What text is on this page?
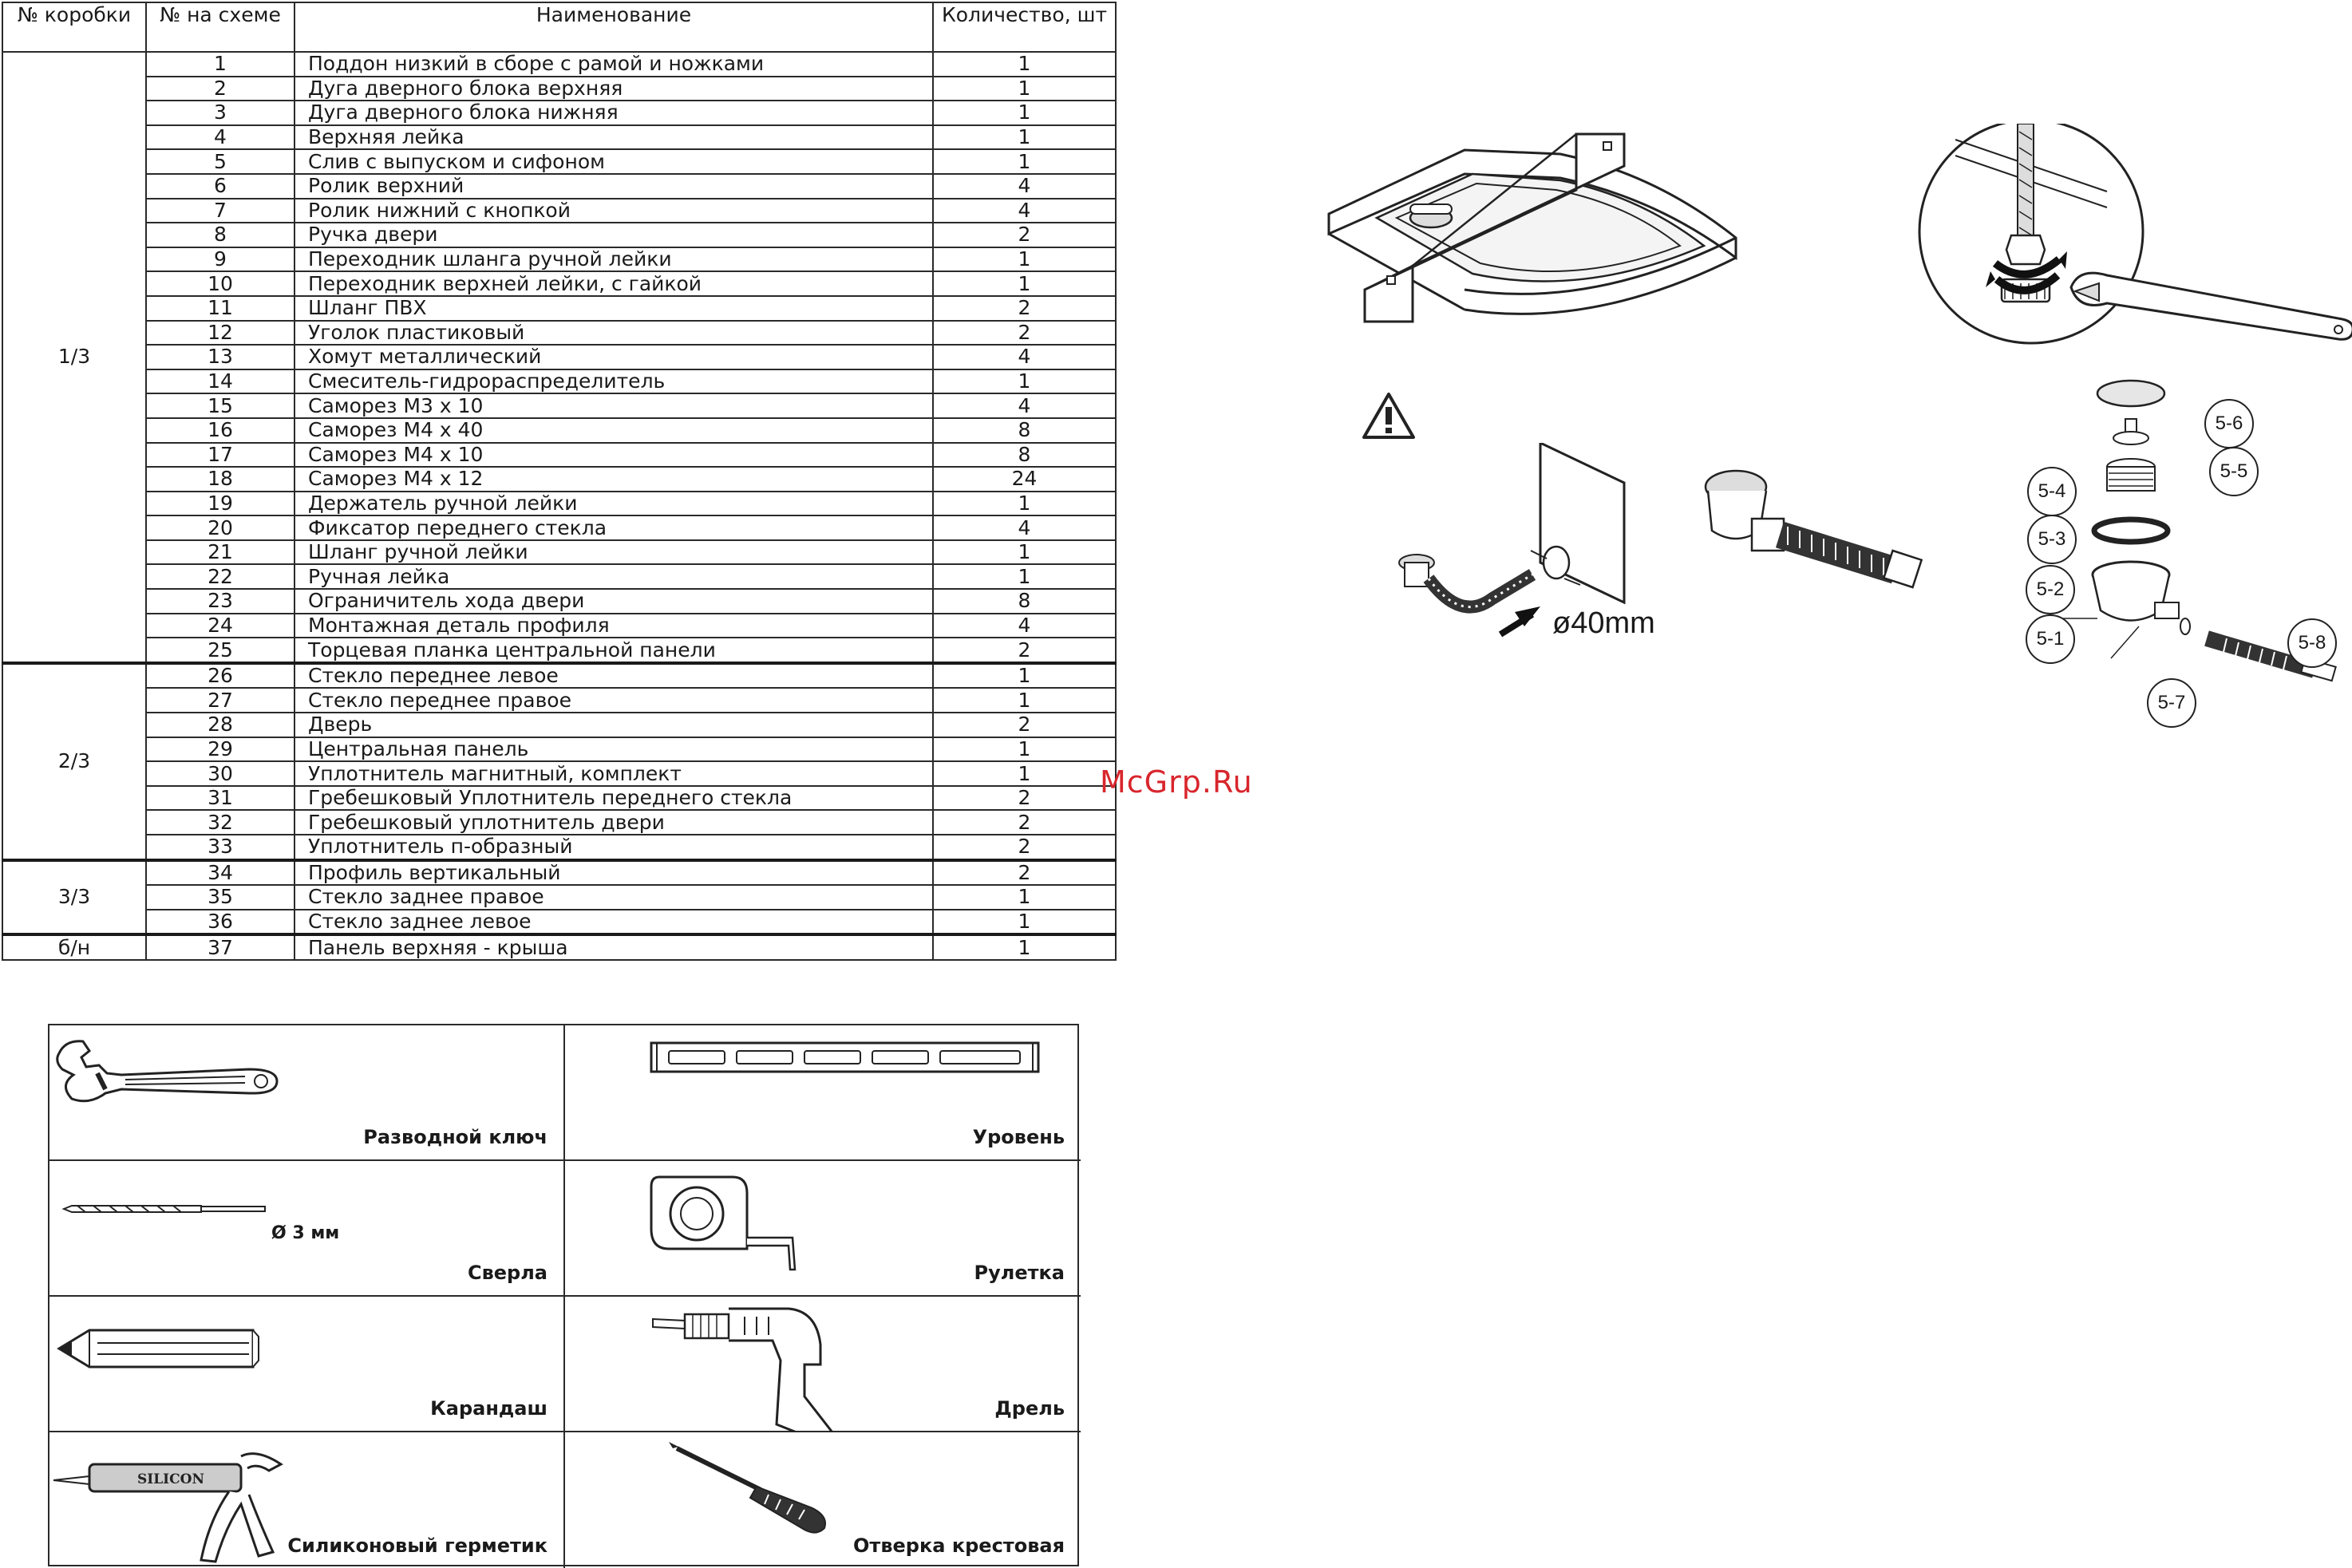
№ коробки	№ на схеме	Наименование	Количество, шт
1/3	1	Поддон низкий в сборе с рамой и ножками	1
	2	Дуга дверного блока верхняя	1
	3	Дуга дверного блока нижняя	1
	4	Верхняя лейка	1
	5	Слив с выпуском и сифоном	1
	6	Ролик верхний	4
	7	Ролик нижний с кнопкой	4
	8	Ручка двери	2
	9	Переходник шланга ручной лейки	1
	10	Переходник верхней лейки, с гайкой	1
	11	Шланг ПВХ	2
	12	Уголок пластиковый	2
	13	Хомут металлический	4
	14	Смеситель-гидрораспределитель	1
	15	Саморез М3 х 10	4
	16	Саморез М4 х 40	8
	17	Саморез М4 х 10	8
	18	Саморез М4 х 12	24
	19	Держатель ручной лейки	1
	20	Фиксатор переднего стекла	4
	21	Шланг ручной лейки	1
	22	Ручная лейка	1
	23	Ограничитель хода двери	8
	24	Монтажная деталь профиля	4
	25	Торцевая планка центральной панели	2
2/3	26	Стекло переднее левое	1
	27	Стекло переднее правое	1
	28	Дверь	2
	29	Центральная панель	1
	30	Уплотнитель магнитный, комплект	1
	31	Гребешковый Уплотнитель переднего стекла	2
	32	Гребешковый уплотнитель двери	2
	33	Уплотнитель п-образный	2
3/3	34	Профиль вертикальный	2
	35	Стекло заднее правое	1
	36	Стекло заднее левое	1
б/н	37	Панель верхняя - крыша	1
McGrp.Ru
ø40mm
5-6
5-5
5-4
5-3
5-2
5-1	5-8
5-7
Разводной ключ	Уровень
Ø 3 мм
Сверла	Рулетка
Карандаш	Дрель
SILICON
Силиконовый герметик	Отверка крестовая
